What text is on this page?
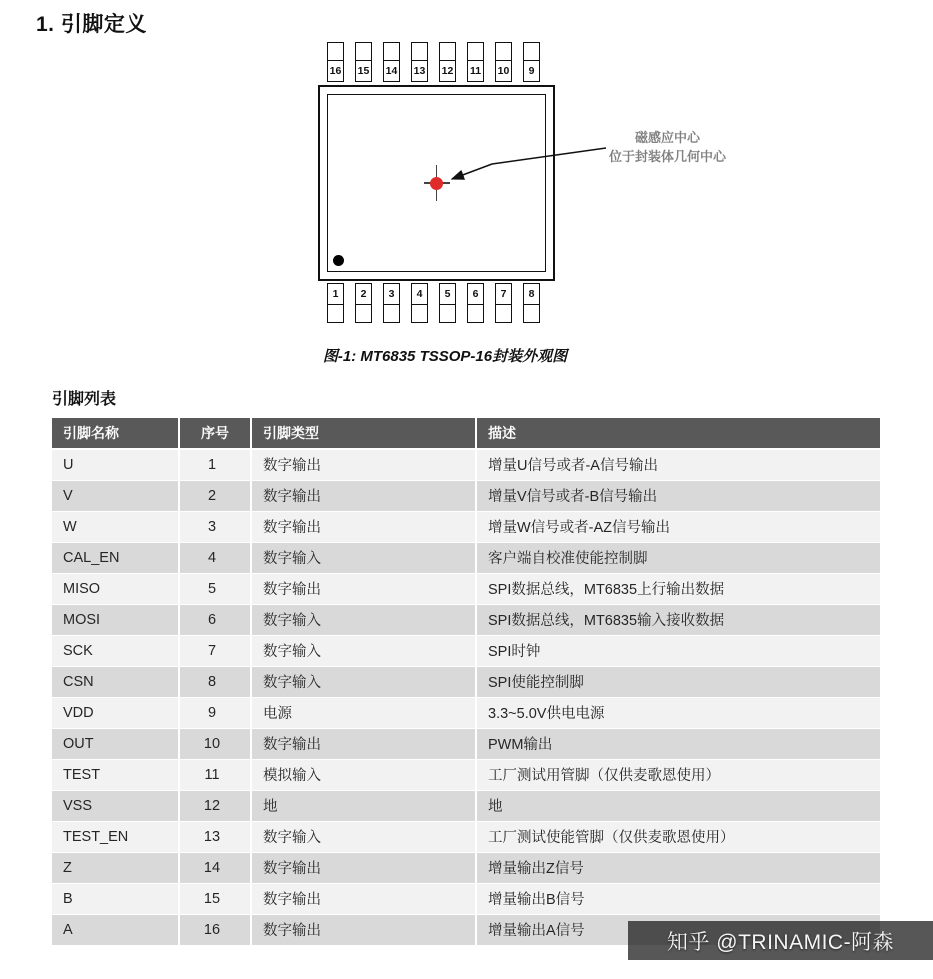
1. 引脚定义
16 15 14 13 12 11 10	9
磁感应中心
位于封装体几何中心
1	2	3	4	5	6	7	8
图-1: MT6835 TSSOP-16封装外观图
引脚列表
引脚名称	序号	引脚类型	描述
U	1	数字输出	增量U信号或者-A信号输出
V	2	数字输出	增量V信号或者-B信号输出
W	3	数字输出	增量W信号或者-AZ信号输出
CAL_EN	4	数字输入	客户端自校准使能控制脚
MISO	5	数字输出	SPI数据总线，MT6835上行输出数据
MOSI	6	数字输入	SPI数据总线，MT6835输入接收数据
SCK	7	数字输入	SPI时钟
CSN	8	数字输入	SPI使能控制脚
VDD	9	电源	3.3~5.0V供电电源
OUT	10	数字输出	PWM输出
TEST	11	模拟输入	工厂测试用管脚（仅供麦歌恩使用）
VSS	12	地	地
TEST_EN	13	数字输入	工厂测试使能管脚（仅供麦歌恩使用）
Z	14	数字输出	增量输出Z信号
B	15	数字输出	增量输出B信号
A	16	数字输出	增量输出A信号	知乎 @TRINAMIC-阿森
